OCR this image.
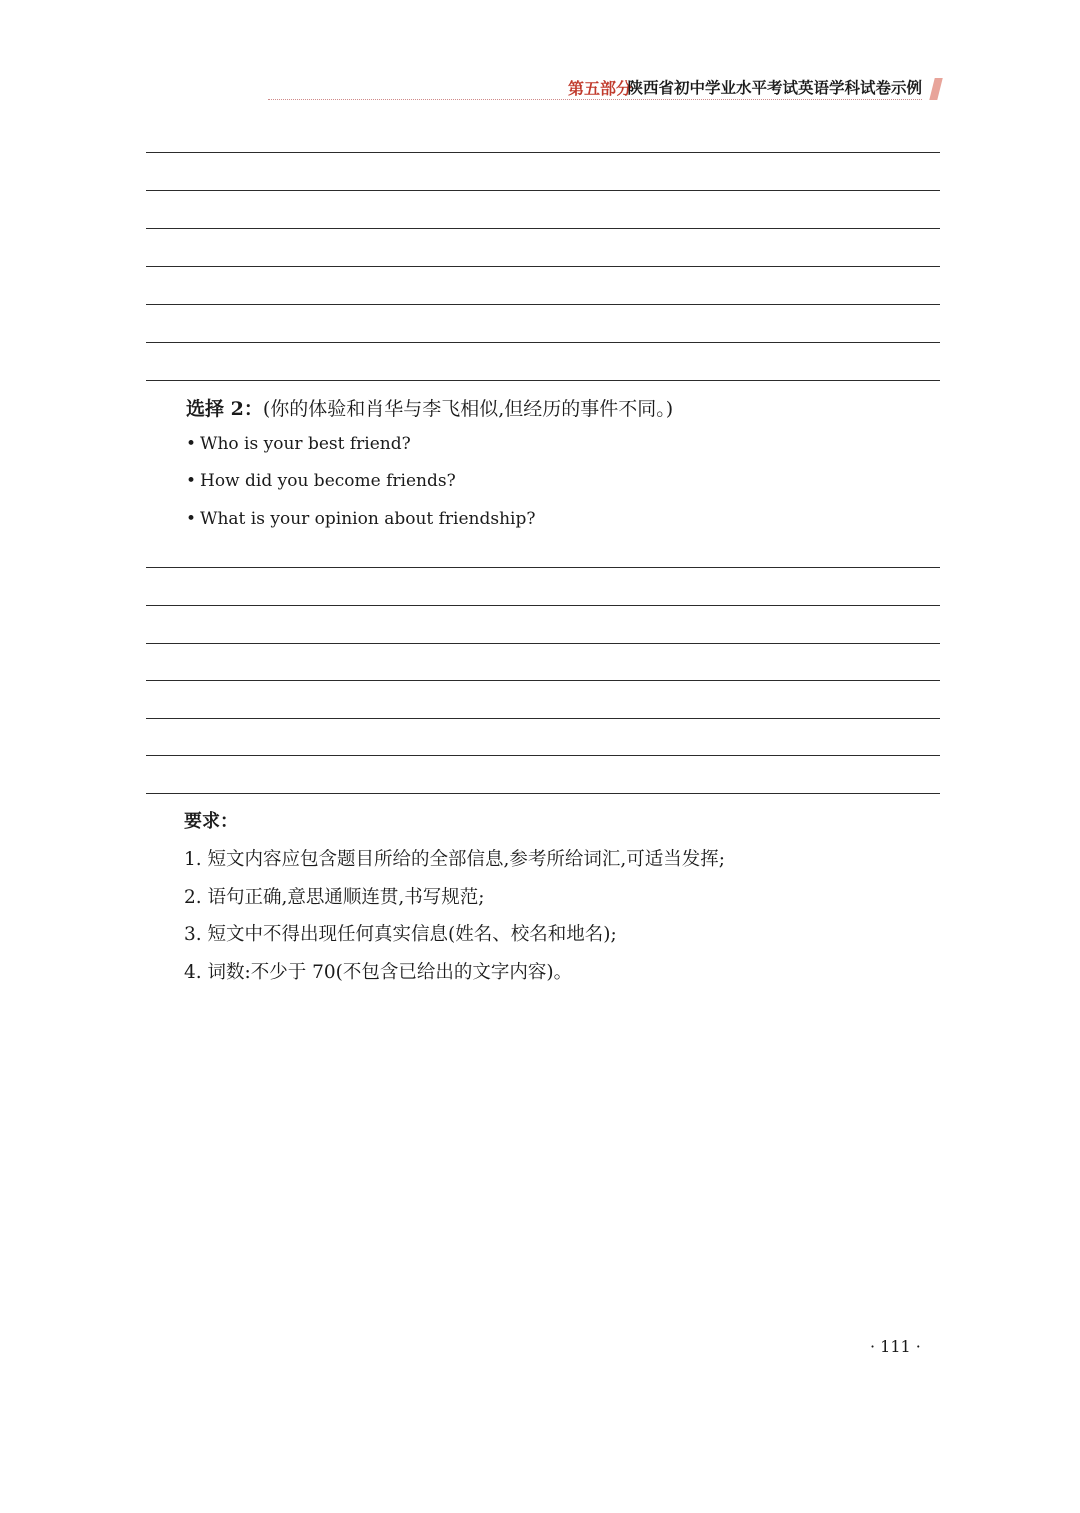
第五部分
陕西省初中学业水平考试英语学科试卷示例
选择 2：(你的体验和肖华与李飞相似,但经历的事件不同。)
• Who is your best friend?
• How did you become friends?
• What is your opinion about friendship?
要求：
1. 短文内容应包含题目所给的全部信息,参考所给词汇,可适当发挥;
2. 语句正确,意思通顺连贯,书写规范;
3. 短文中不得出现任何真实信息(姓名、校名和地名);
4. 词数:不少于 70(不包含已给出的文字内容)。
· 111 ·
